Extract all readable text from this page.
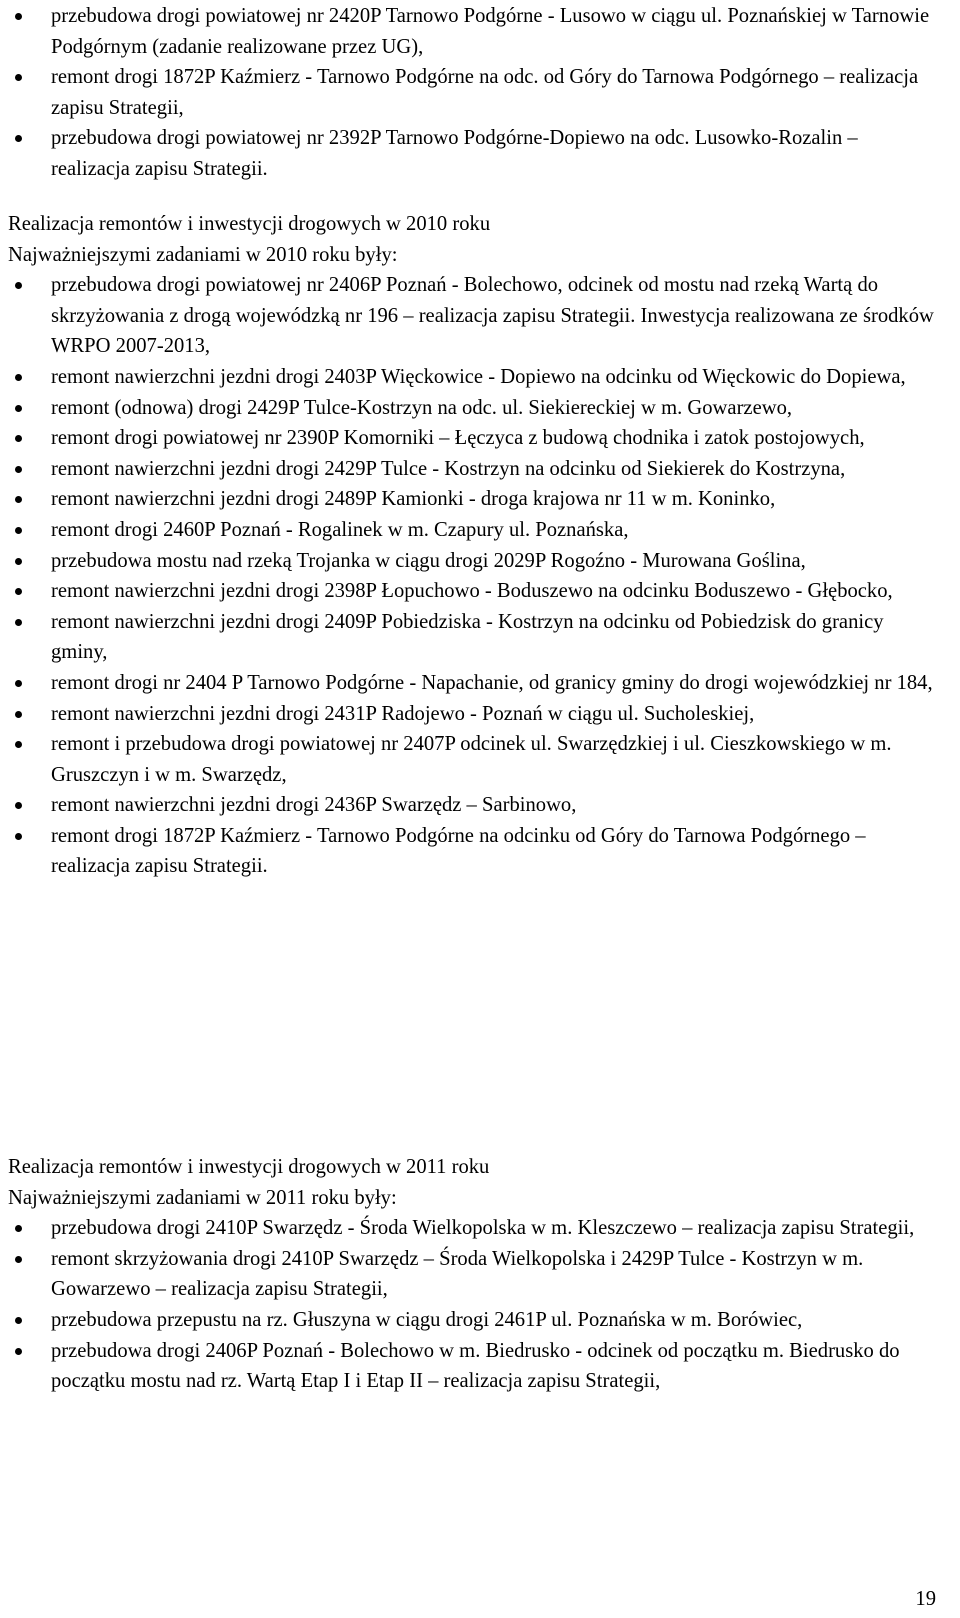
przebudowa drogi powiatowej nr 2420P Tarnowo Podgórne - Lusowo w ciągu ul. Poznańskiej w Tarnowie Podgórnym (zadanie realizowane przez UG),
remont drogi 1872P Kaźmierz - Tarnowo Podgórne na odc. od Góry do Tarnowa Podgórnego – realizacja zapisu Strategii,
przebudowa drogi powiatowej nr 2392P Tarnowo Podgórne-Dopiewo na odc. Lusowko-Rozalin – realizacja zapisu Strategii.

Realizacja remontów i inwestycji drogowych w 2010 roku

Najważniejszymi zadaniami w 2010 roku były:

przebudowa drogi powiatowej nr 2406P Poznań - Bolechowo, odcinek od mostu nad rzeką Wartą do skrzyżowania z drogą wojewódzką nr 196 – realizacja zapisu Strategii. Inwestycja realizowana ze środków WRPO 2007-2013,
remont nawierzchni jezdni drogi 2403P Więckowice - Dopiewo na odcinku od Więckowic do Dopiewa,
remont (odnowa) drogi 2429P Tulce-Kostrzyn na odc. ul. Siekiereckiej w m. Gowarzewo,
remont drogi powiatowej nr 2390P Komorniki – Łęczyca z budową chodnika i zatok postojowych,
remont nawierzchni jezdni drogi 2429P Tulce - Kostrzyn na odcinku od Siekierek do Kostrzyna,
remont nawierzchni jezdni drogi 2489P Kamionki - droga krajowa nr 11 w m. Koninko,
remont drogi 2460P Poznań - Rogalinek w m. Czapury ul. Poznańska,
przebudowa mostu nad rzeką Trojanka w ciągu drogi 2029P Rogoźno - Murowana Goślina,
remont nawierzchni jezdni drogi 2398P Łopuchowo - Boduszewo na odcinku Boduszewo - Głębocko,
remont nawierzchni jezdni drogi 2409P Pobiedziska - Kostrzyn na odcinku od Pobiedzisk do granicy gminy,
remont drogi nr 2404 P Tarnowo Podgórne - Napachanie, od granicy gminy do drogi wojewódzkiej nr 184,
remont nawierzchni jezdni drogi 2431P Radojewo - Poznań w ciągu ul. Sucholeskiej,
remont i przebudowa drogi powiatowej nr 2407P odcinek ul. Swarzędzkiej i ul. Cieszkowskiego w m. Gruszczyn i w m. Swarzędz,
remont nawierzchni jezdni drogi 2436P Swarzędz – Sarbinowo,
remont drogi 1872P Kaźmierz - Tarnowo Podgórne na odcinku od Góry do Tarnowa Podgórnego – realizacja zapisu Strategii.

Realizacja remontów i inwestycji drogowych w 2011 roku

Najważniejszymi zadaniami w 2011 roku były:

przebudowa drogi 2410P Swarzędz - Środa Wielkopolska w m. Kleszczewo – realizacja zapisu Strategii,
remont skrzyżowania drogi 2410P Swarzędz – Środa Wielkopolska i 2429P Tulce - Kostrzyn w m. Gowarzewo – realizacja zapisu Strategii,
przebudowa przepustu na rz. Głuszyna w ciągu drogi 2461P ul. Poznańska w m. Borówiec,
przebudowa drogi 2406P Poznań - Bolechowo w m. Biedrusko - odcinek od początku m. Biedrusko do początku mostu nad rz. Wartą Etap I i Etap II – realizacja zapisu Strategii,
19
